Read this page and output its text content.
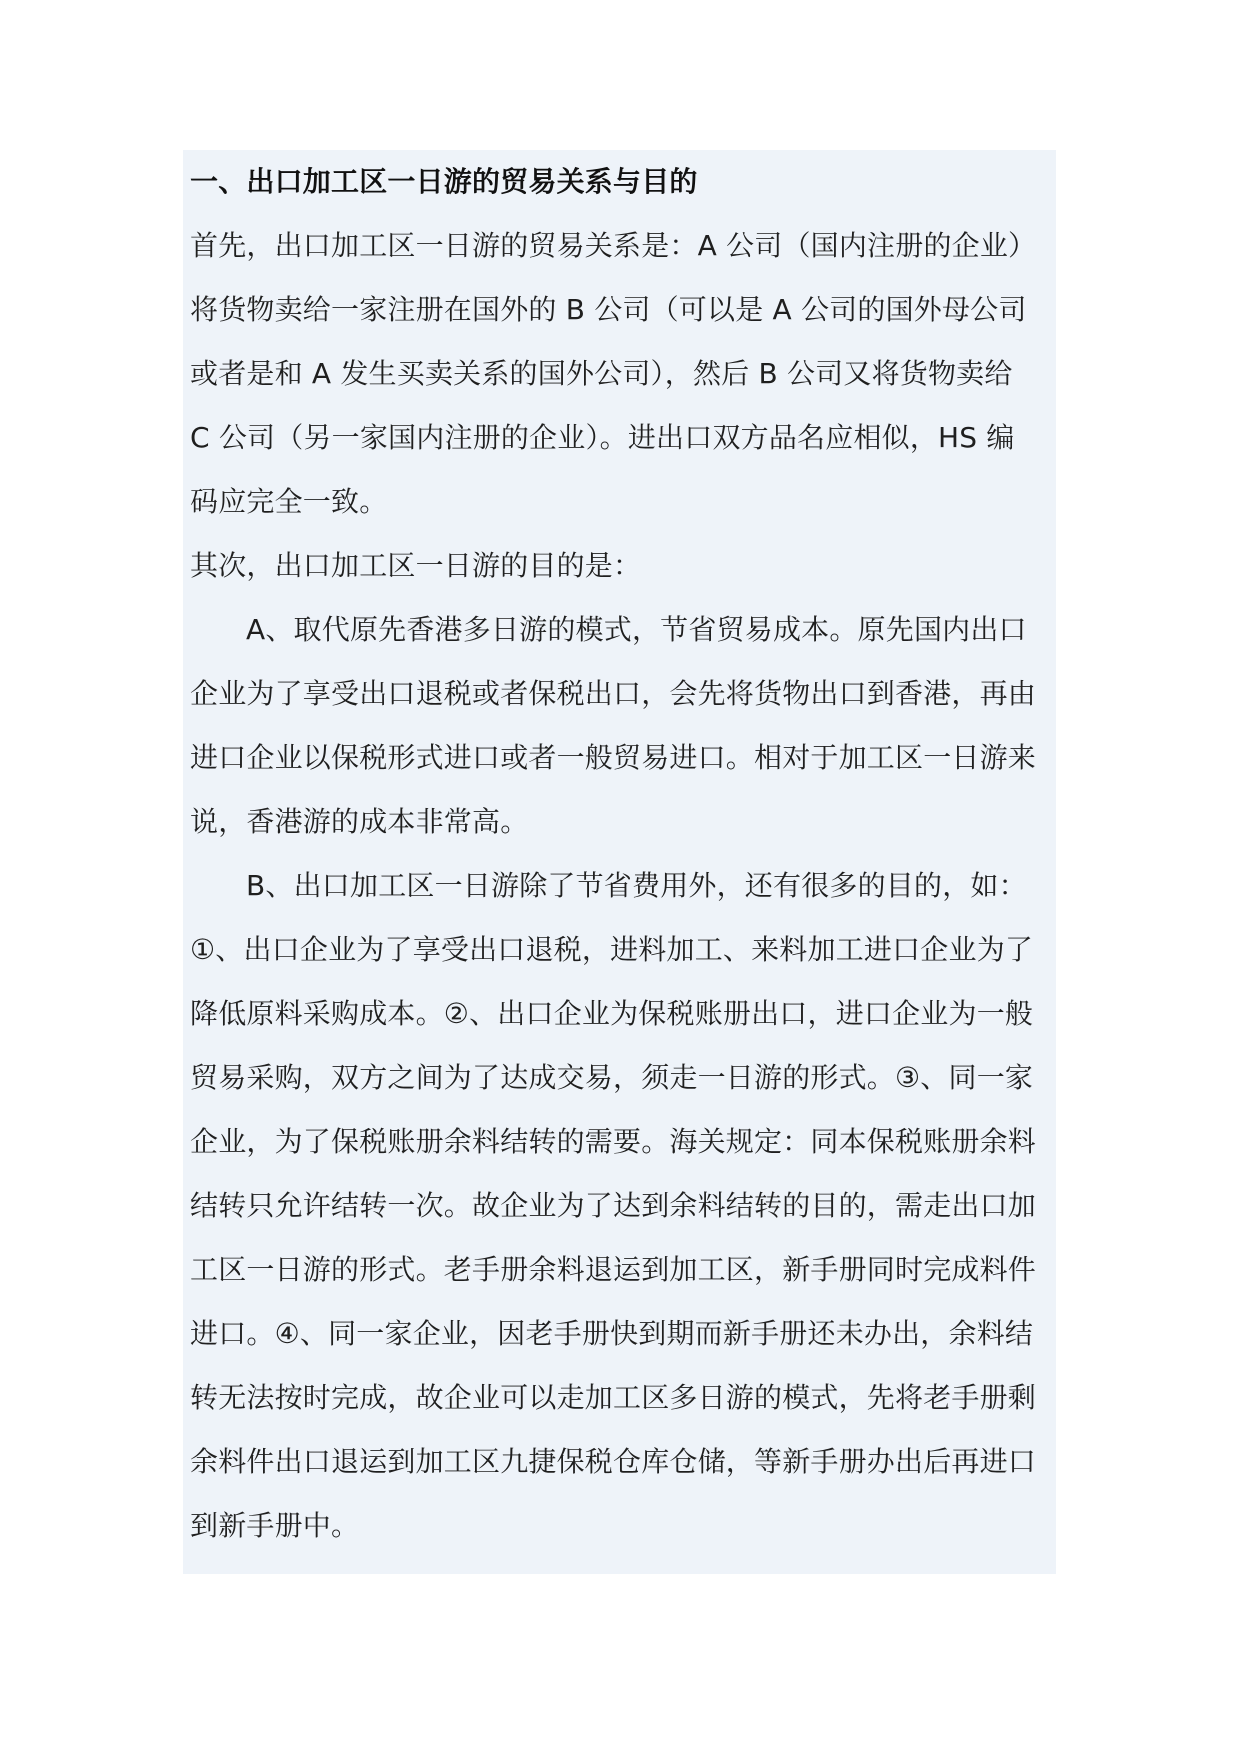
一、出口加工区一日游的贸易关系与目的
首先，出口加工区一日游的贸易关系是：A 公司（国内注册的企业）
将货物卖给一家注册在国外的 B 公司（可以是 A 公司的国外母公司
或者是和 A 发生买卖关系的国外公司），然后 B 公司又将货物卖给
C 公司（另一家国内注册的企业）。进出口双方品名应相似，HS 编
码应完全一致。
其次，出口加工区一日游的目的是：
A、取代原先香港多日游的模式，节省贸易成本。原先国内出口
企业为了享受出口退税或者保税出口，会先将货物出口到香港，再由
进口企业以保税形式进口或者一般贸易进口。相对于加工区一日游来
说，香港游的成本非常高。
B、出口加工区一日游除了节省费用外，还有很多的目的，如：
①、出口企业为了享受出口退税，进料加工、来料加工进口企业为了
降低原料采购成本。②、出口企业为保税账册出口，进口企业为一般
贸易采购，双方之间为了达成交易，须走一日游的形式。③、同一家
企业，为了保税账册余料结转的需要。海关规定：同本保税账册余料
结转只允许结转一次。故企业为了达到余料结转的目的，需走出口加
工区一日游的形式。老手册余料退运到加工区，新手册同时完成料件
进口。④、同一家企业，因老手册快到期而新手册还未办出，余料结
转无法按时完成，故企业可以走加工区多日游的模式，先将老手册剩
余料件出口退运到加工区九捷保税仓库仓储，等新手册办出后再进口
到新手册中。
